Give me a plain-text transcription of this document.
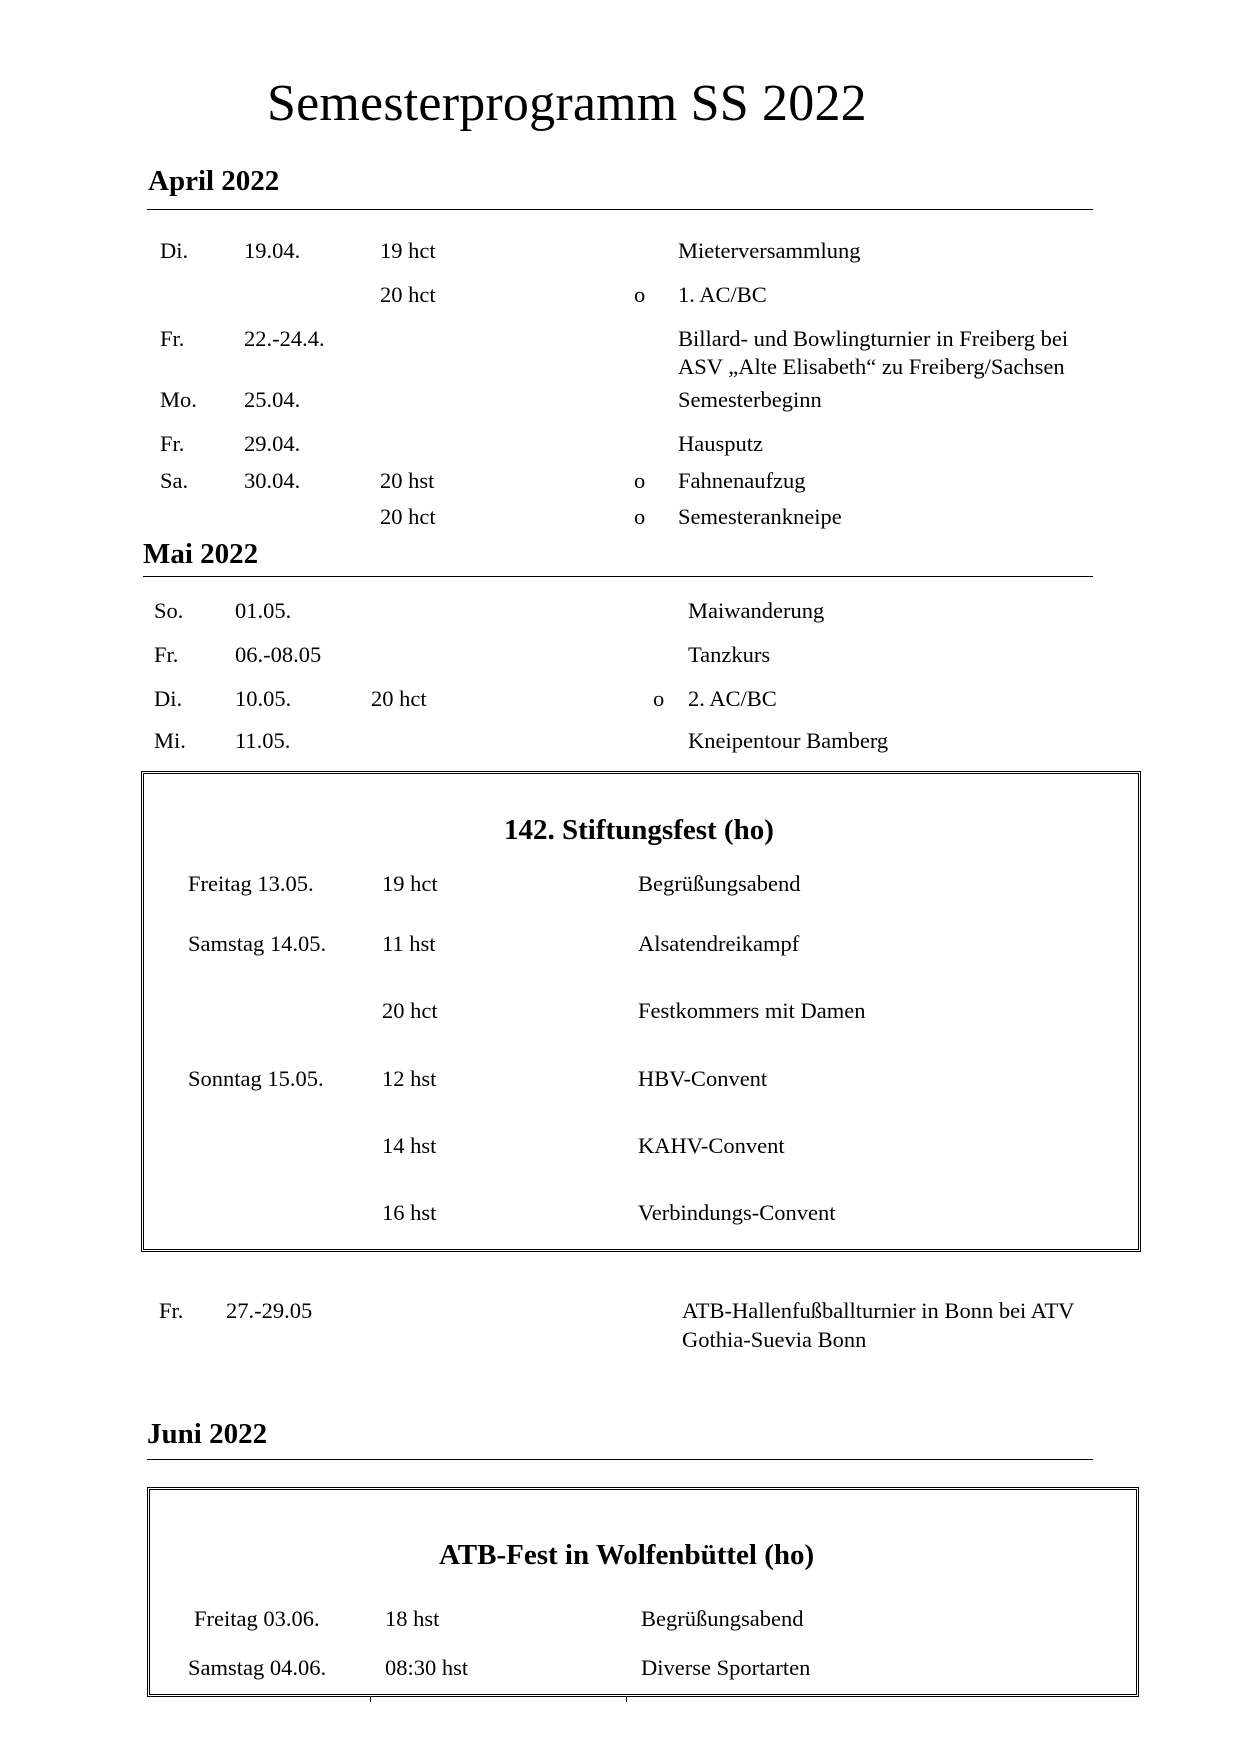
Semesterprogramm SS 2022
April 2022
Di. 19.04.	19 hct	Mieterversammlung
20 hct	o 1. AC/BC
Fr.	22.-24.4.	Billard- und Bowlingturnier in Freiberg bei
ASV „Alte Elisabeth“ zu Freiberg/Sachsen
Mo. 25.04.	Semesterbeginn
Fr.	29.04.	Hausputz
Sa. 30.04.	20 hst	o Fahnenaufzug
20 hct	o Semesterankneipe
Mai 2022
So. 01.05.	Maiwanderung
Fr.	06.-08.05	Tanzkurs
Di. 10.05.	20 hct	o 2. AC/BC
Mi. 11.05.	Kneipentour Bamberg
142. Stiftungsfest (ho)
Freitag 13.05.	19 hct	Begrüßungsabend
Samstag 14.05. 11 hst	Alsatendreikampf
20 hct	Festkommers mit Damen
Sonntag 15.05.	12 hst	HBV-Convent
14 hst	KAHV-Convent
16 hst	Verbindungs-Convent
Fr. 27.-29.05	ATB-Hallenfußballturnier in Bonn bei ATV
Gothia-Suevia Bonn
Juni 2022
ATB-Fest in Wolfenbüttel (ho)
Freitag 03.06.	18 hst	Begrüßungsabend
Samstag 04.06.	08:30 hst	Diverse Sportarten
